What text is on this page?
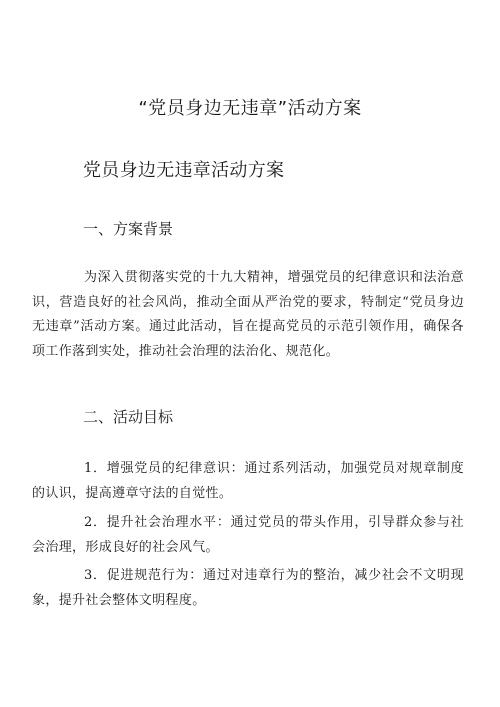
“党员身边无违章”活动方案
党员身边无违章活动方案
一、方案背景

为深入贯彻落实党的十九大精神，增强党员的纪律意识和法治意识，营造良好的社会风尚，推动全面从严治党的要求，特制定“党员身边无违章”活动方案。通过此活动，旨在提高党员的示范引领作用，确保各项工作落到实处，推动社会治理的法治化、规范化。

二、活动目标

1．增强党员的纪律意识：通过系列活动，加强党员对规章制度的认识，提高遵章守法的自觉性。

2．提升社会治理水平：通过党员的带头作用，引导群众参与社会治理，形成良好的社会风气。

3．促进规范行为：通过对违章行为的整治，减少社会不文明现象，提升社会整体文明程度。
